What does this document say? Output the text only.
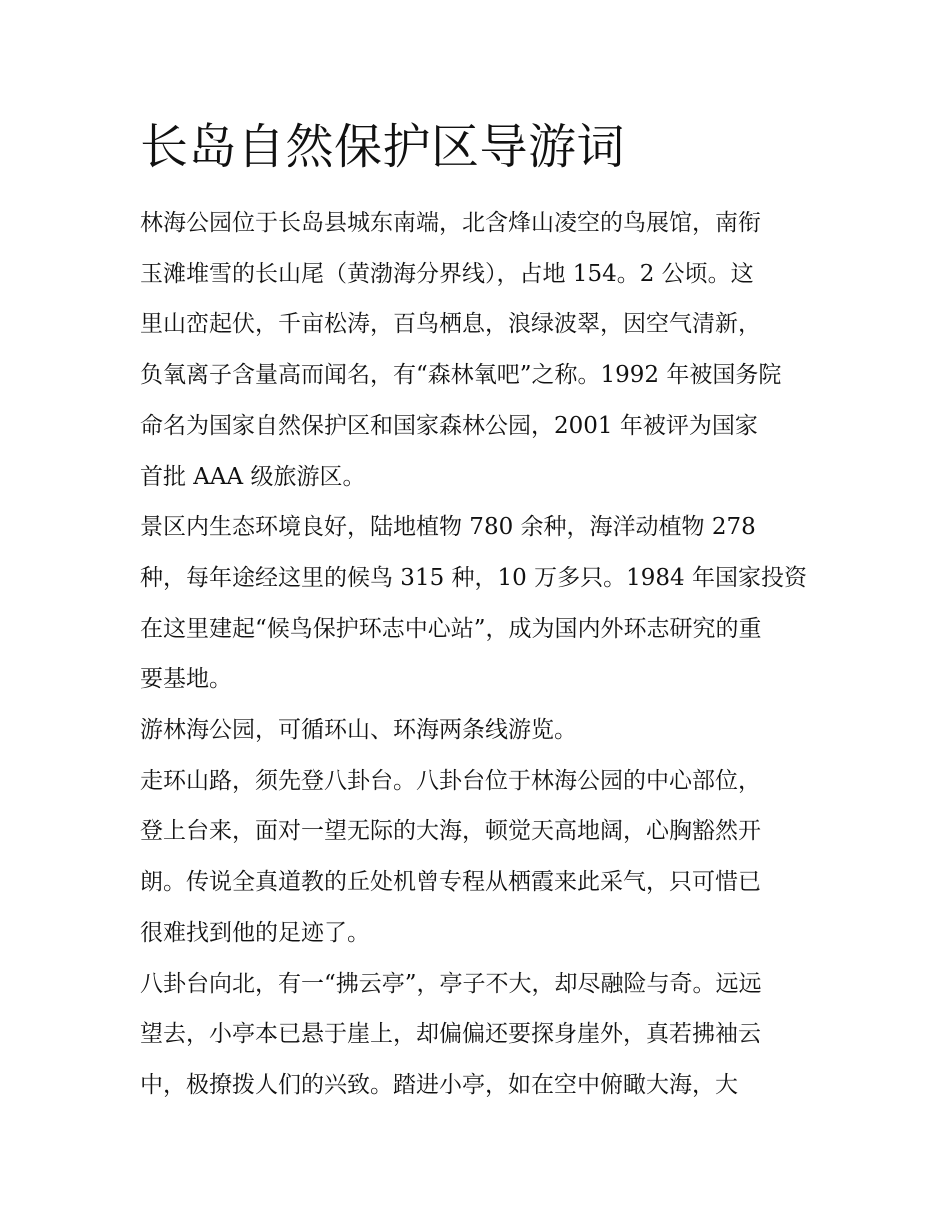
长岛自然保护区导游词

林海公园位于长岛县城东南端，北含烽山凌空的鸟展馆，南衔
玉滩堆雪的长山尾（黄渤海分界线），占地 154。2 公顷。这
里山峦起伏，千亩松涛，百鸟栖息，浪绿波翠，因空气清新，
负氧离子含量高而闻名，有“森林氧吧”之称。1992 年被国务院
命名为国家自然保护区和国家森林公园，2001 年被评为国家
首批 AAA 级旅游区。

景区内生态环境良好，陆地植物 780 余种，海洋动植物 278
种，每年途经这里的候鸟 315 种，10 万多只。1984 年国家投资
在这里建起“候鸟保护环志中心站”，成为国内外环志研究的重
要基地。

游林海公园，可循环山、环海两条线游览。

走环山路，须先登八卦台。八卦台位于林海公园的中心部位，
登上台来，面对一望无际的大海，顿觉天高地阔，心胸豁然开
朗。传说全真道教的丘处机曾专程从栖霞来此采气，只可惜已
很难找到他的足迹了。

八卦台向北，有一“拂云亭”，亭子不大，却尽融险与奇。远远
望去，小亭本已悬于崖上，却偏偏还要探身崖外，真若拂袖云
中，极撩拨人们的兴致。踏进小亭，如在空中俯瞰大海，大
